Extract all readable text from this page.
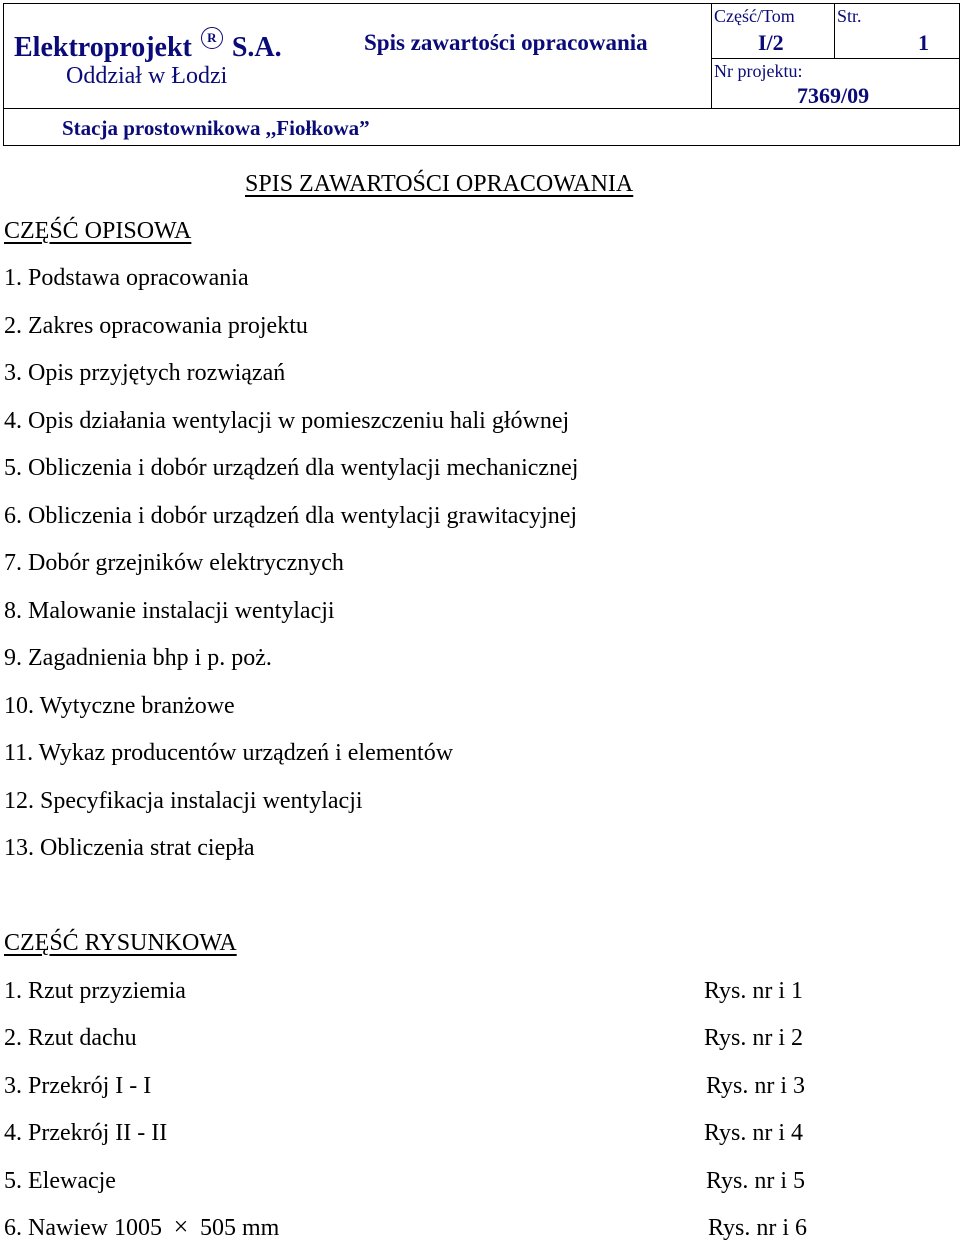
Elektroprojekt R S.A.
Oddział w Łodzi
Spis zawartości opracowania
Część/Tom
I/2
Str.
1
Nr projektu:
7369/09
Stacja prostownikowa ,,Fiołkowa”
SPIS ZAWARTOŚCI OPRACOWANIA
CZĘŚĆ OPISOWA
1. Podstawa opracowania
2. Zakres opracowania projektu
3. Opis przyjętych rozwiązań
4. Opis działania wentylacji w pomieszczeniu hali głównej
5. Obliczenia i dobór urządzeń dla wentylacji mechanicznej
6. Obliczenia i dobór urządzeń dla wentylacji grawitacyjnej
7. Dobór grzejników elektrycznych
8. Malowanie instalacji wentylacji
9. Zagadnienia bhp i p. poż.
10. Wytyczne branżowe
11. Wykaz producentów urządzeń i elementów
12. Specyfikacja instalacji wentylacji
13. Obliczenia strat ciepła
CZĘŚĆ RYSUNKOWA
1. Rzut przyziemia	Rys. nr i 1
2. Rzut dachu	Rys. nr i 2
3. Przekrój I - I	Rys. nr i 3
4. Przekrój II - II	Rys. nr i 4
5. Elewacje	Rys. nr i 5
6. Nawiew 1005 × 505 mm	Rys. nr i 6
